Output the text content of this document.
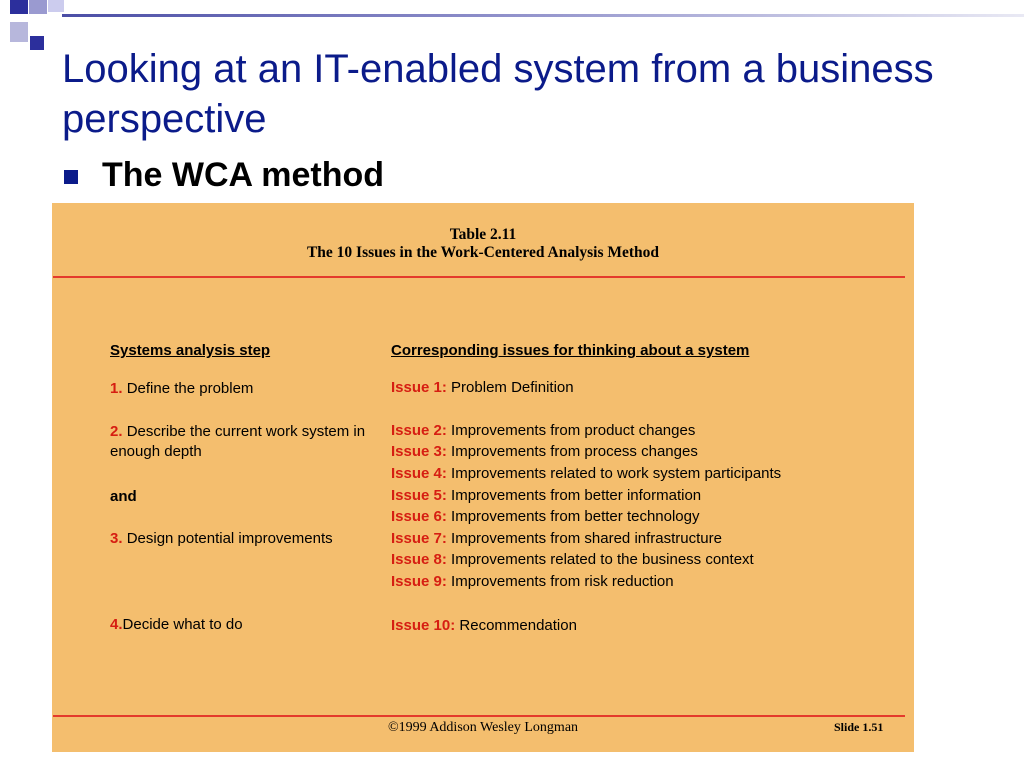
Looking at an IT-enabled system from a business perspective
The WCA method
Table 2.11
The 10 Issues in the Work-Centered Analysis Method
Systems analysis step	Corresponding issues for thinking about a system
1. Define the problem
2. Describe the current work system in enough depth
and
3. Design potential improvements
4.Decide what to do
Issue 1: Problem Definition
Issue 2: Improvements from product changes
Issue 3: Improvements from process changes
Issue 4: Improvements related to work system participants
Issue 5: Improvements from better information
Issue 6: Improvements from better technology
Issue 7: Improvements from shared infrastructure
Issue 8: Improvements related to the business context
Issue 9: Improvements from risk reduction
Issue 10: Recommendation
©1999 Addison Wesley Longman	Slide 1.51
